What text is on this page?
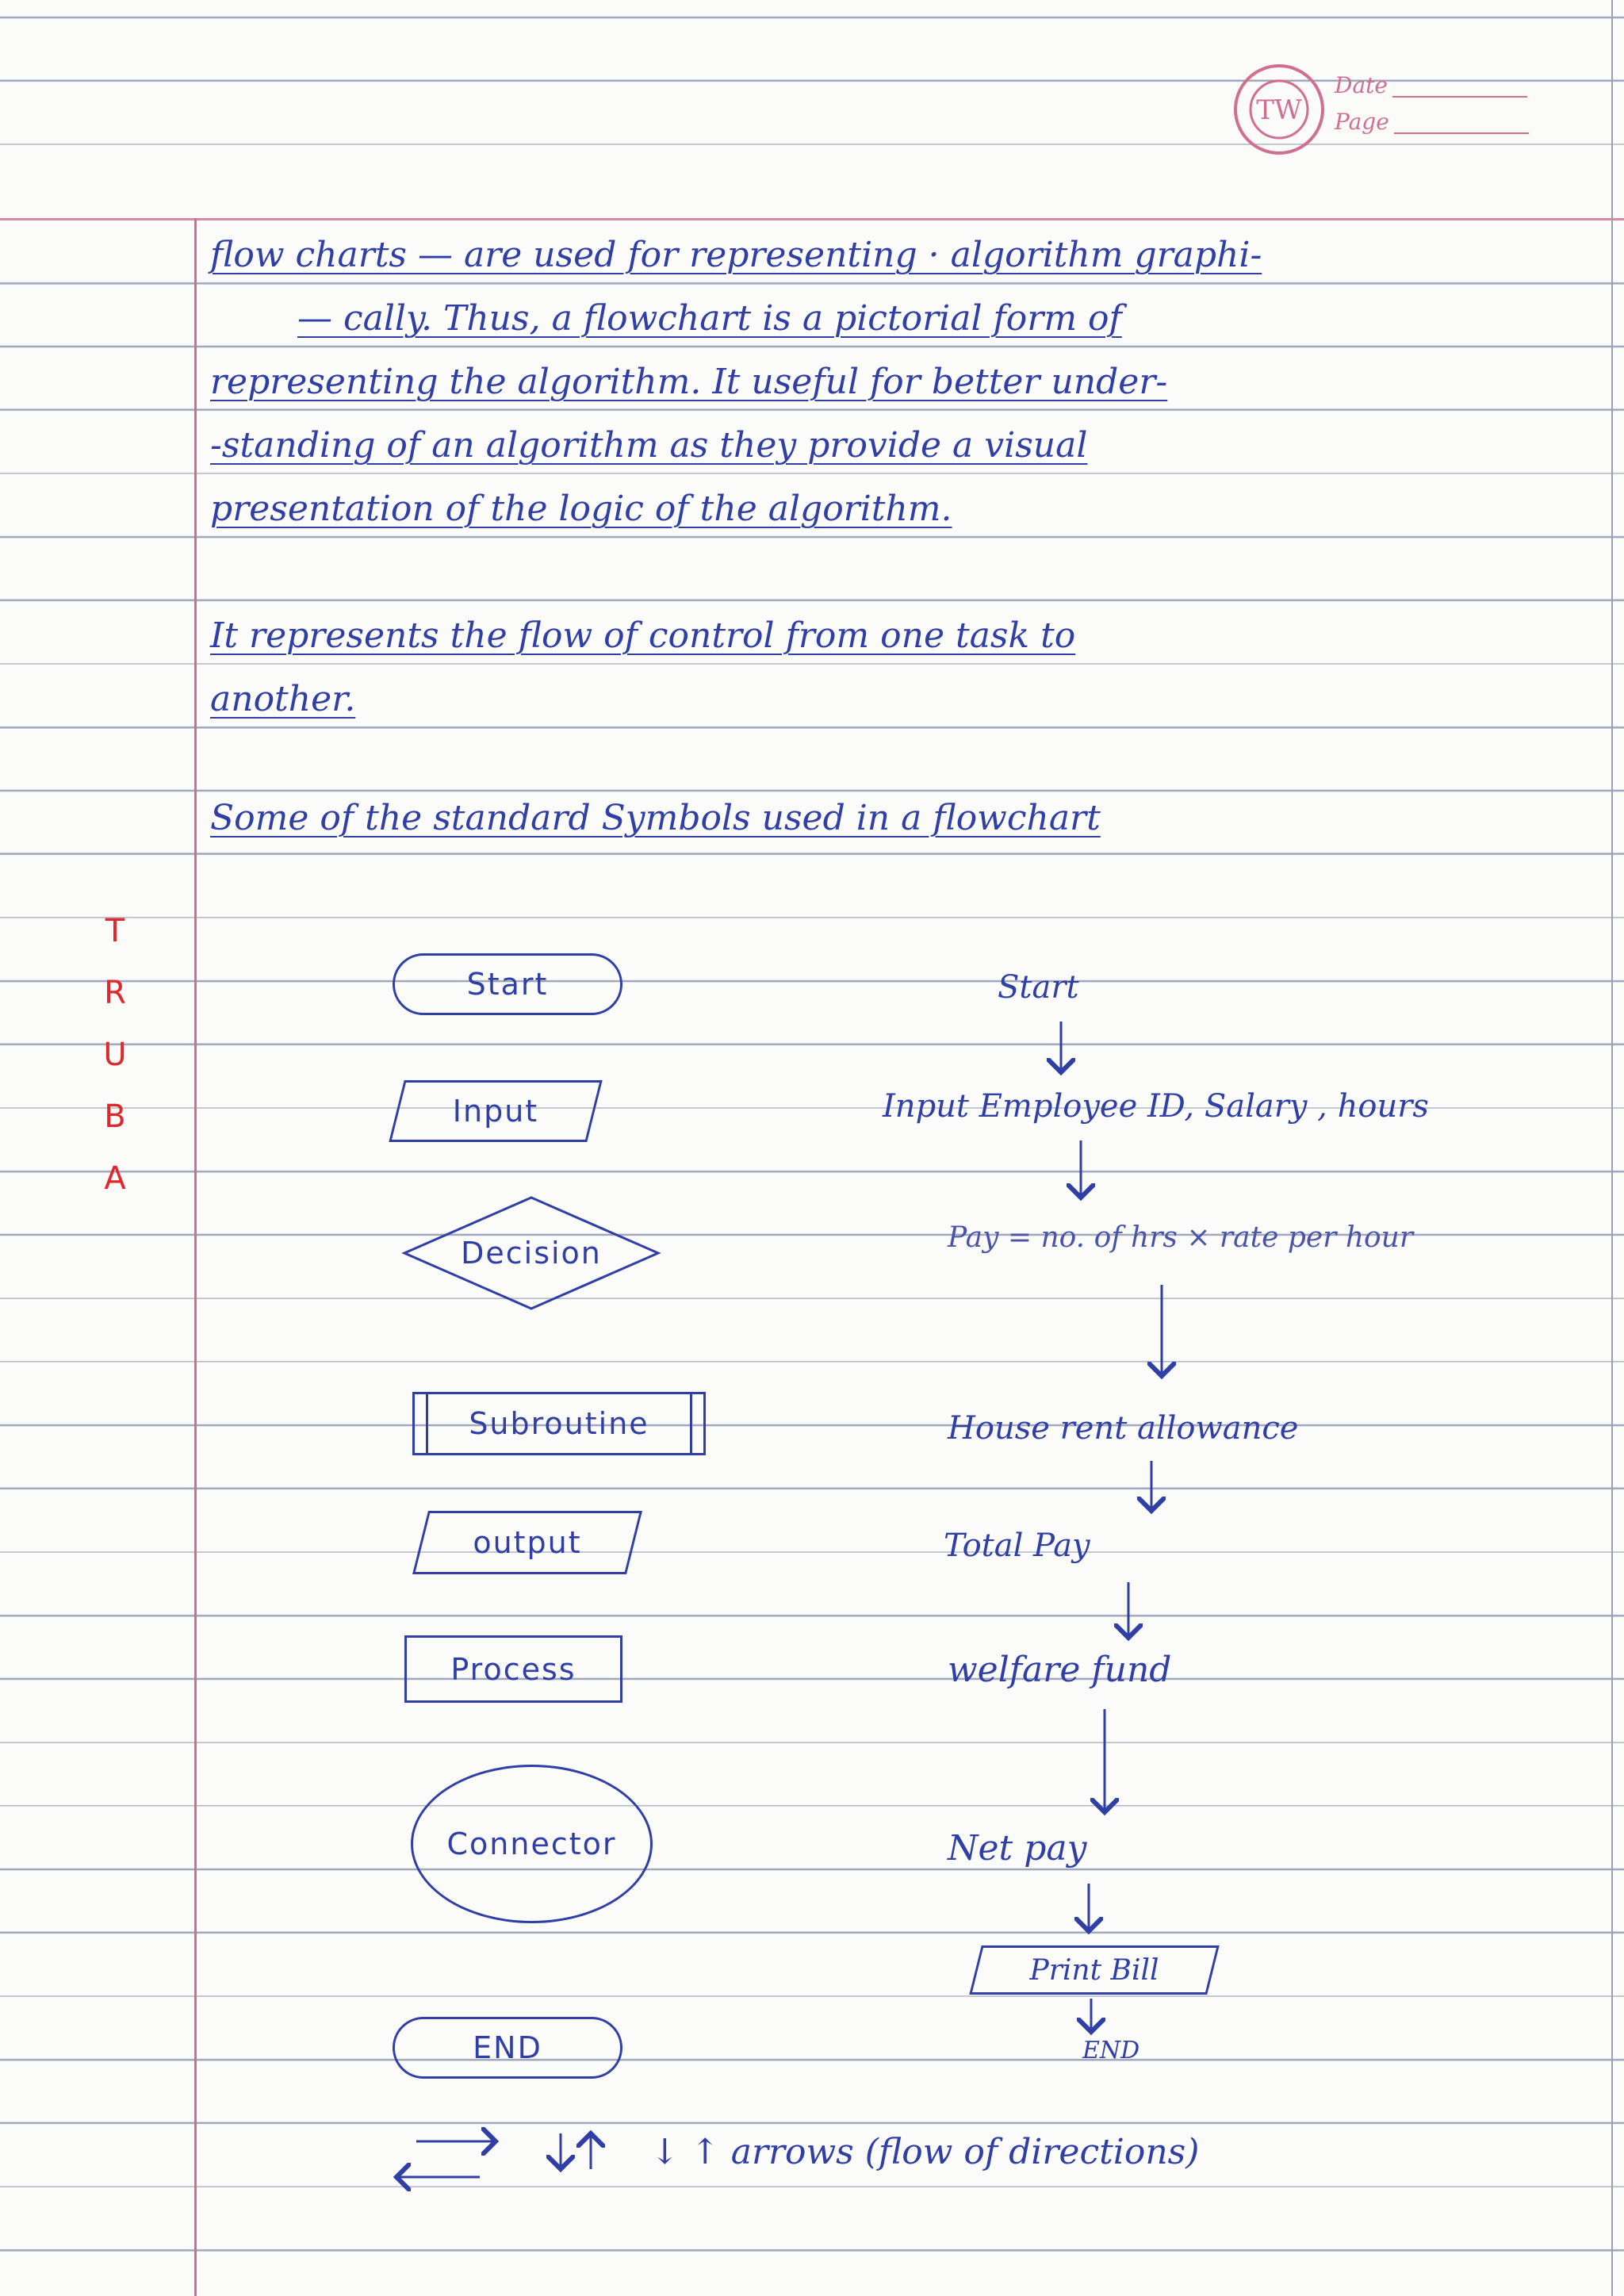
TW
Date
Page
flow charts — are used for representing · algorithm graphi-
— cally. Thus, a flowchart is a pictorial form of
representing the algorithm. It useful for better under-
-standing of an algorithm as they provide a visual
presentation of the logic of the algorithm.
It represents the flow of control from one task to
another.
Some of the standard Symbols used in a flowchart
T
R
U
B
A
Start
Input
Decision
Subroutine
output
Process
Connector
END
Start
Input Employee ID, Salary , hours
Pay = no. of hrs × rate per hour
House rent allowance
Total Pay
welfare fund
Net pay
Print Bill
END
↓ ↑ arrows (flow of directions)
